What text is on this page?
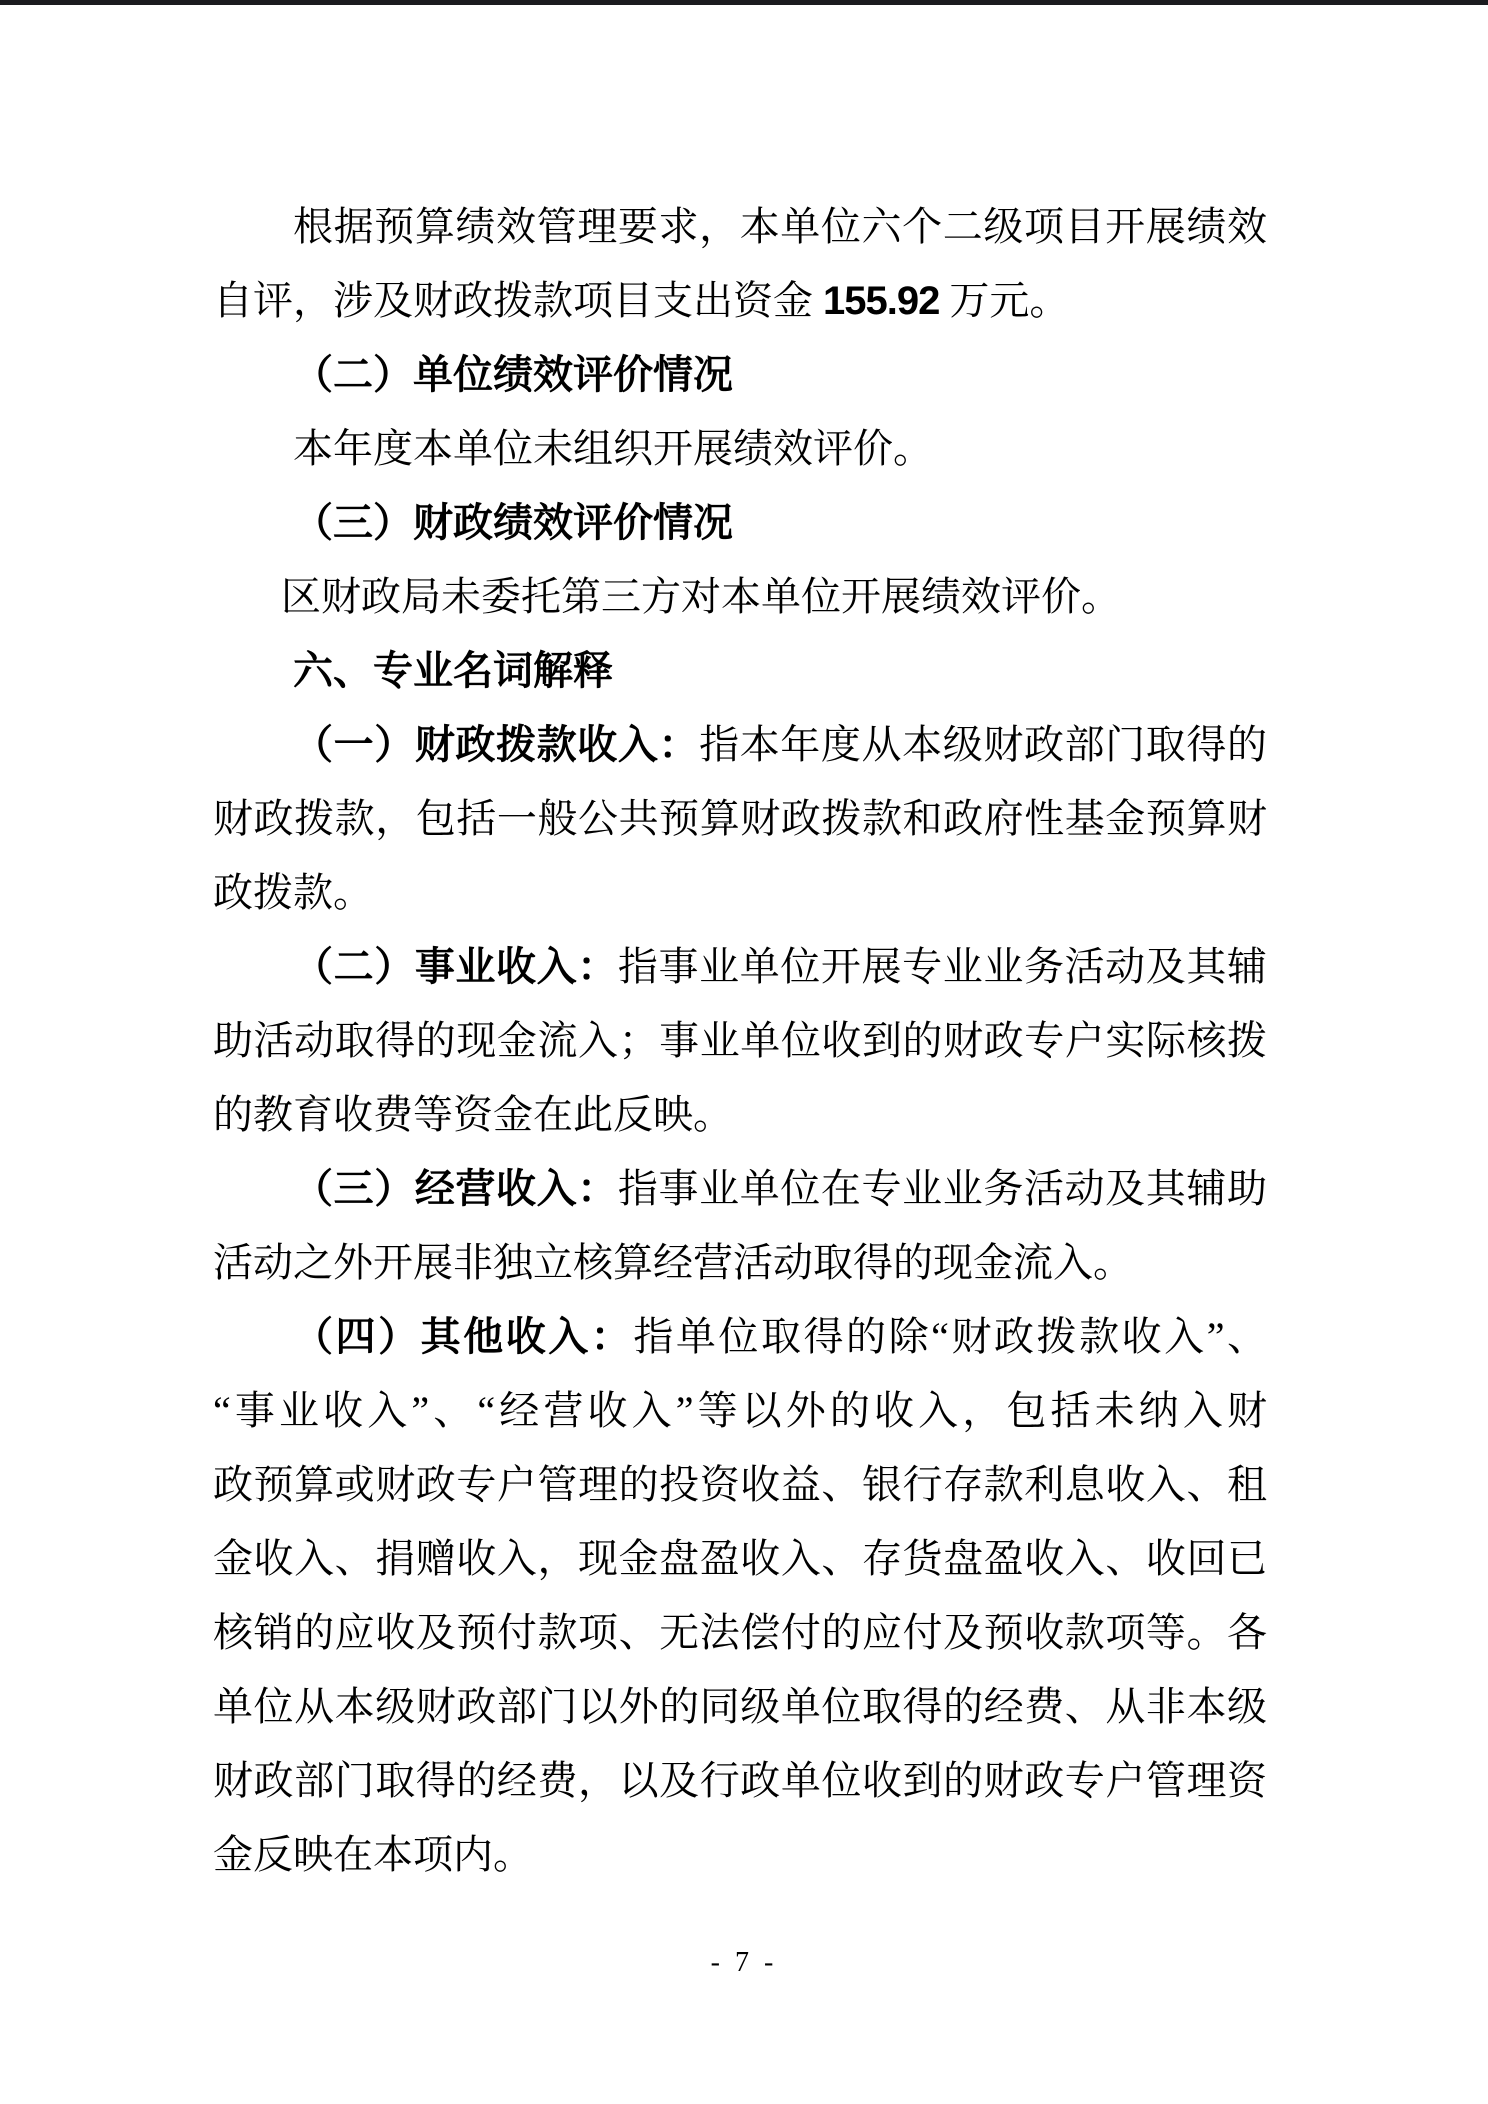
根据预算绩效管理要求，本单位六个二级项目开展绩效
自评，涉及财政拨款项目支出资金 155.92 万元。
（二）单位绩效评价情况
本年度本单位未组织开展绩效评价。
（三）财政绩效评价情况
区财政局未委托第三方对本单位开展绩效评价。
六、专业名词解释
（一）财政拨款收入：指本年度从本级财政部门取得的
财政拨款，包括一般公共预算财政拨款和政府性基金预算财
政拨款。
（二）事业收入：指事业单位开展专业业务活动及其辅
助活动取得的现金流入；事业单位收到的财政专户实际核拨
的教育收费等资金在此反映。
（三）经营收入：指事业单位在专业业务活动及其辅助
活动之外开展非独立核算经营活动取得的现金流入。
（四）其他收入：指单位取得的除“财政拨款收入”、
“事业收入”、“经营收入”等以外的收入，包括未纳入财
政预算或财政专户管理的投资收益、银行存款利息收入、租
金收入、捐赠收入，现金盘盈收入、存货盘盈收入、收回已
核销的应收及预付款项、无法偿付的应付及预收款项等。各
单位从本级财政部门以外的同级单位取得的经费、从非本级
财政部门取得的经费，以及行政单位收到的财政专户管理资
金反映在本项内。
- 7 -
